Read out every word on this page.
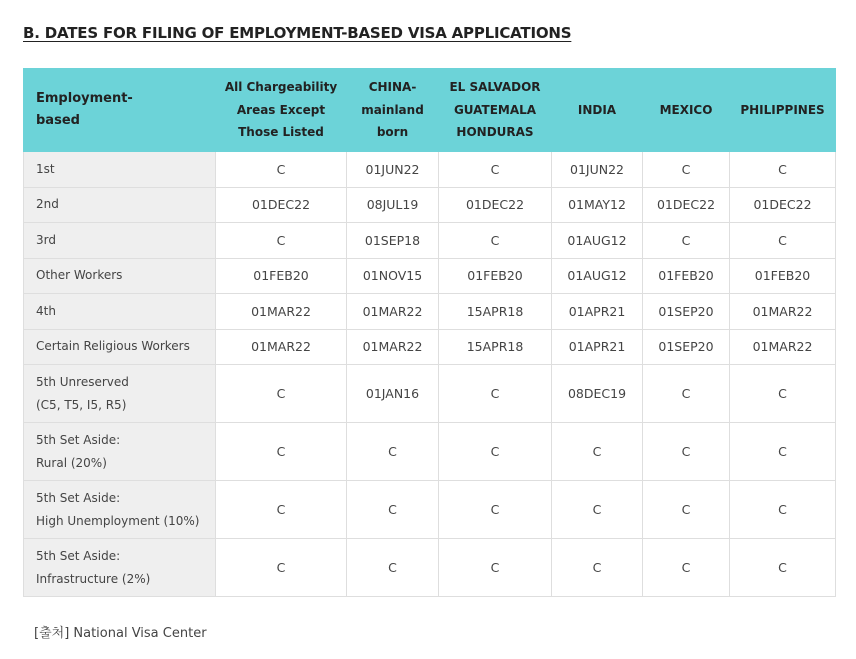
B. DATES FOR FILING OF EMPLOYMENT-BASED VISA APPLICATIONS
Employment-
based	All Chargeability
Areas Except
Those Listed	CHINA-
mainland
born	EL SALVADOR
GUATEMALA
HONDURAS	INDIA	MEXICO	PHILIPPINES

1st	C	01JUN22	C	01JUN22	C	C

2nd	01DEC22	08JUL19	01DEC22	01MAY12	01DEC22	01DEC22

3rd	C	01SEP18	C	01AUG12	C	C

Other Workers	01FEB20	01NOV15	01FEB20	01AUG12	01FEB20	01FEB20

4th	01MAR22	01MAR22	15APR18	01APR21	01SEP20	01MAR22

Certain Religious Workers	01MAR22	01MAR22	15APR18	01APR21	01SEP20	01MAR22

5th Unreserved
(C5, T5, I5, R5)	C	01JAN16	C	08DEC19	C	C

5th Set Aside:
Rural (20%)	C	C	C	C	C	C

5th Set Aside:
High Unemployment (10%)	C	C	C	C	C	C

5th Set Aside:
Infrastructure (2%)	C	C	C	C	C	C
[출처] National Visa Center
